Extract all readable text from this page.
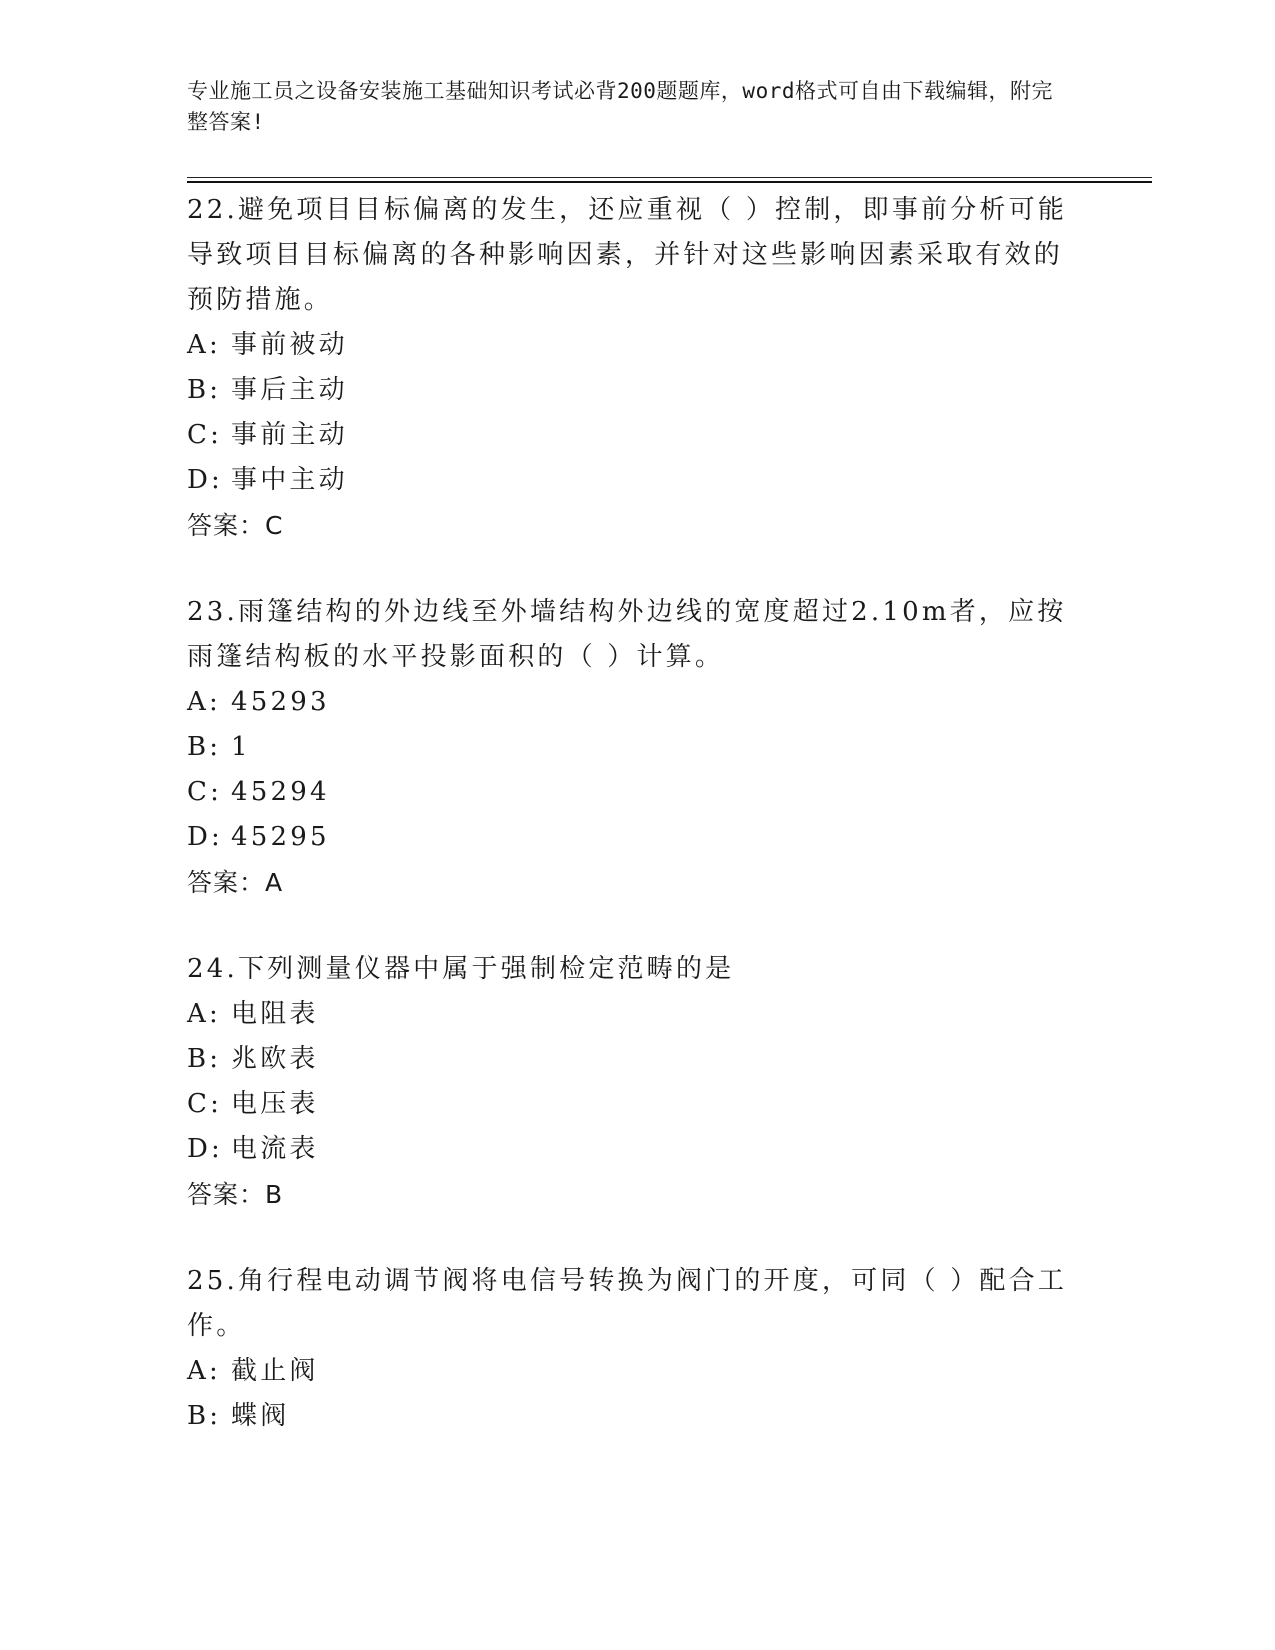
专业施工员之设备安装施工基础知识考试必背200题题库，word格式可自由下载编辑，附完整答案!

22.避免项目目标偏离的发生，还应重视（ ）控制，即事前分析可能导致项目目标偏离的各种影响因素，并针对这些影响因素采取有效的预防措施。

A: 事前被动

B: 事后主动

C: 事前主动

D: 事中主动

答案：C

23.雨篷结构的外边线至外墙结构外边线的宽度超过2.10m者，应按雨篷结构板的水平投影面积的（ ）计算。

A: 45293

B: 1

C: 45294

D: 45295

答案：A

24.下列测量仪器中属于强制检定范畴的是

A: 电阻表

B: 兆欧表

C: 电压表

D: 电流表

答案：B

25.角行程电动调节阀将电信号转换为阀门的开度，可同（ ）配合工作。

A: 截止阀

B: 蝶阀
